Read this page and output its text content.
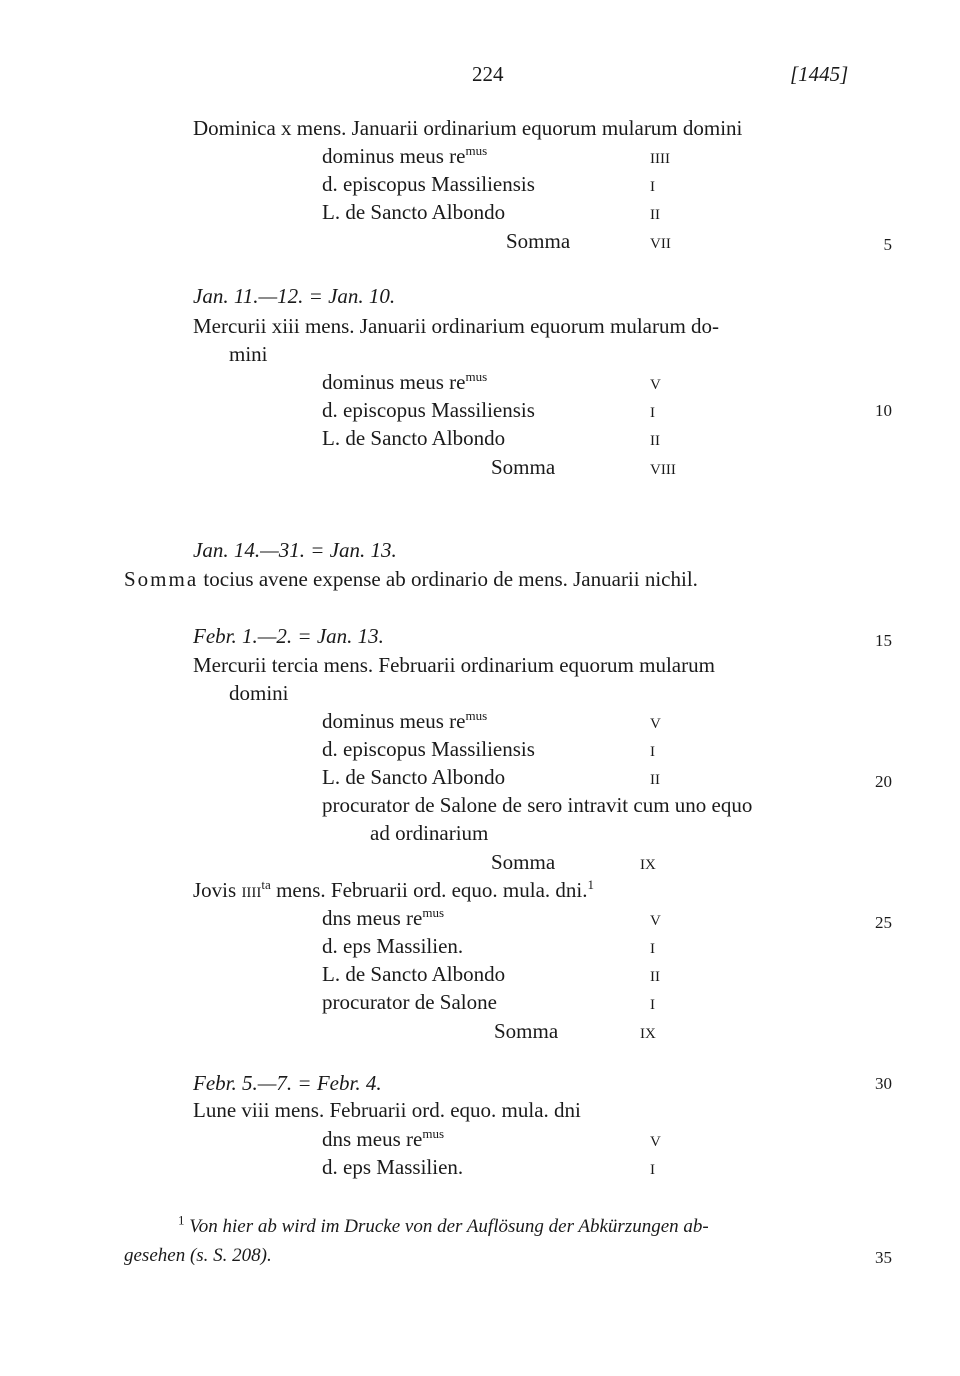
224	[1445]
Dominica x mens. Januarii ordinarium equorum mularum domini
dominus meus $re^{mus}$	iiii
d. episcopus Massiliensis	i
L. de Sancto Albondo	ii
Somma	vii
Jan. 11.—12. = Jan. 10.
Mercurii xiii mens. Januarii ordinarium equorum mularum do-
mini
dominus meus $re^{mus}$	v
d. episcopus Massiliensis	i
L. de Sancto Albondo	ii
Somma	viii
Jan. 14.—31. = Jan. 13.
Somma tocius avene expense ab ordinario de mens. Januarii nichil.
Febr. 1.—2. = Jan. 13.
Mercurii tercia mens. Februarii ordinarium equorum mularum
domini
dominus meus $re^{mus}$	v
d. episcopus Massiliensis	i
L. de Sancto Albondo	ii
procurator de Salone de sero intravit cum uno equo
ad ordinarium
Somma	ix
Jovis iiii$^{ta}$ mens. Februarii ord. equo. mula. dni.$^1$
dns meus $re^{mus}$	v
d. eps Massilien.	i
L. de Sancto Albondo	ii
procurator de Salone	i
Somma	ix
Febr. 5.—7. = Febr. 4.
Lune viii mens. Februarii ord. equo. mula. dni
dns meus $re^{mus}$	v
d. eps Massilien.	i
$^1$ Von hier ab wird im Drucke von der Auflösung der Abkürzungen ab-
gesehen (s. S. 208).
5
10
15
20
25
30
35
